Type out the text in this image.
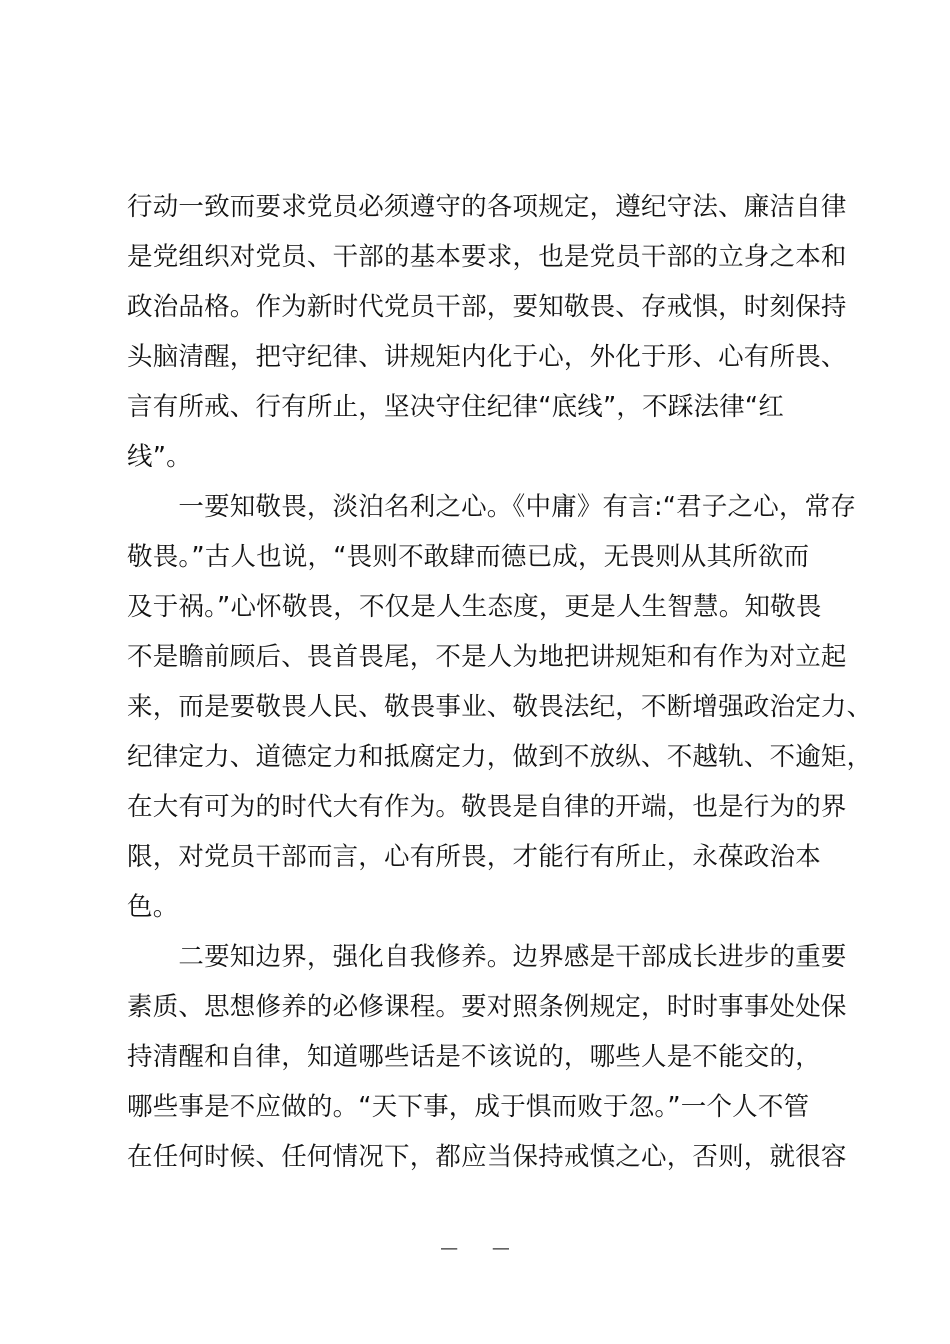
行动一致而要求党员必须遵守的各项规定，遵纪守法、廉洁自律
是党组织对党员、干部的基本要求，也是党员干部的立身之本和
政治品格。作为新时代党员干部，要知敬畏、存戒惧，时刻保持
头脑清醒，把守纪律、讲规矩内化于心，外化于形、心有所畏、
言有所戒、行有所止，坚决守住纪律“底线”，不踩法律“红
线”。
　　一要知敬畏，淡泊名利之心。《中庸》有言:“君子之心，常存
敬畏。”古人也说，“畏则不敢肆而德已成，无畏则从其所欲而
及于祸。”心怀敬畏，不仅是人生态度，更是人生智慧。知敬畏
不是瞻前顾后、畏首畏尾，不是人为地把讲规矩和有作为对立起
来，而是要敬畏人民、敬畏事业、敬畏法纪，不断增强政治定力、
纪律定力、道德定力和抵腐定力，做到不放纵、不越轨、不逾矩，
在大有可为的时代大有作为。敬畏是自律的开端，也是行为的界
限，对党员干部而言，心有所畏，才能行有所止，永葆政治本
色。
　　二要知边界，强化自我修养。边界感是干部成长进步的重要
素质、思想修养的必修课程。要对照条例规定，时时事事处处保
持清醒和自律，知道哪些话是不该说的，哪些人是不能交的，
哪些事是不应做的。“天下事，成于惧而败于忽。”一个人不管
在任何时候、任何情况下，都应当保持戒慎之心，否则，就很容
— —
